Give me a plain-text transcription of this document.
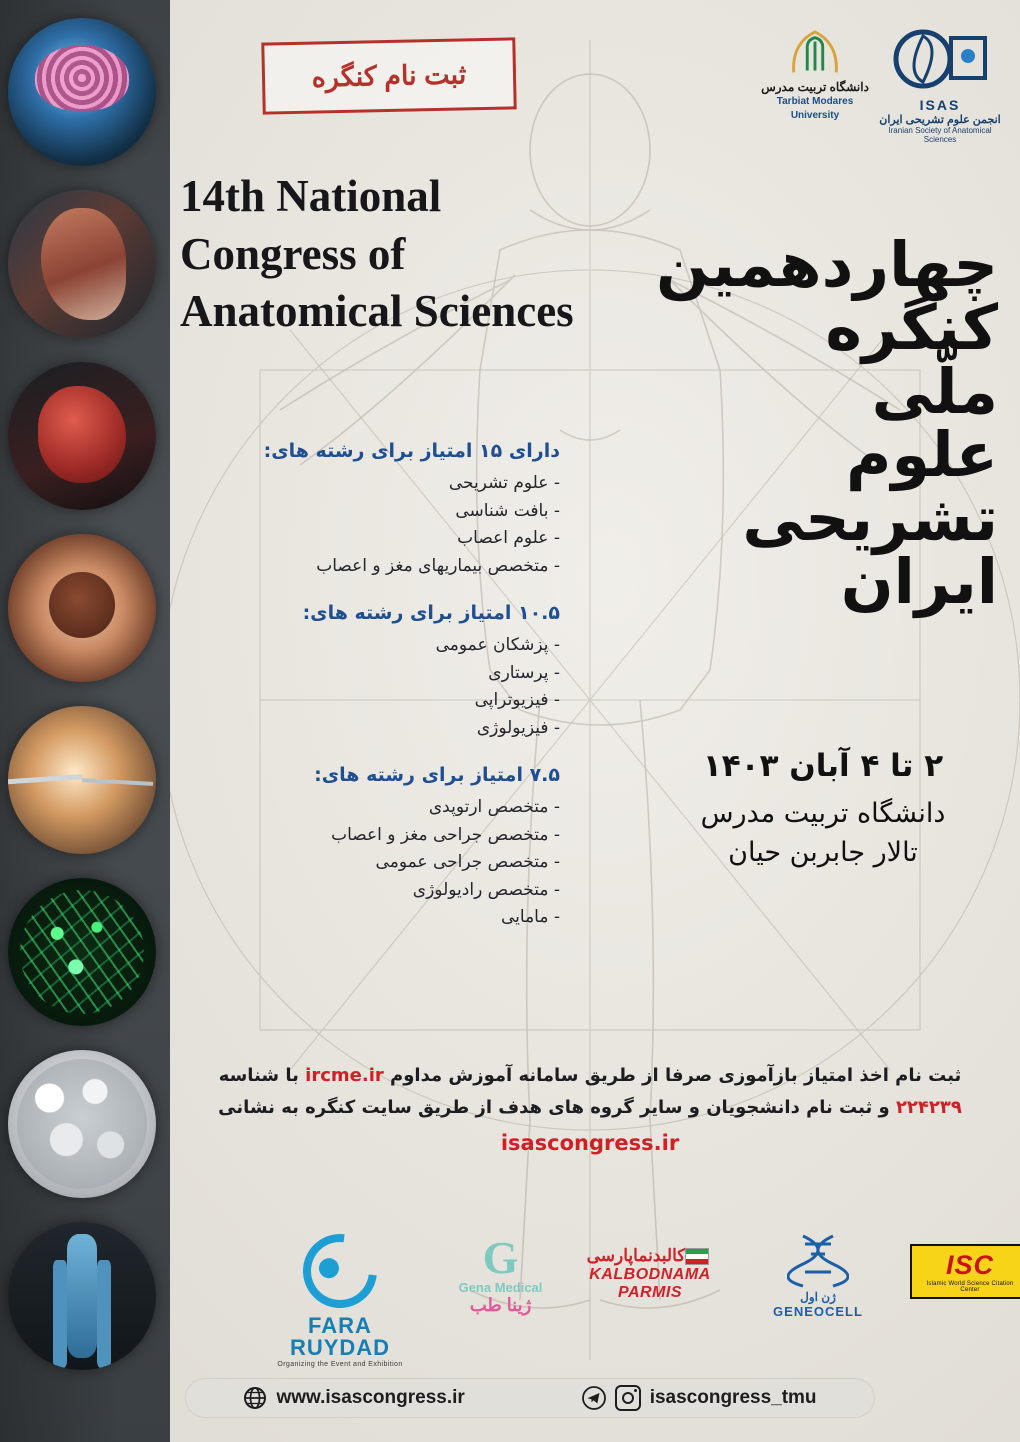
ثبت نام کنگره	دانشگاه تربیت مدرس
Tarbiat Modares
University
ISAS
انجمن علوم تشریحی ایران
Iranian Society of Anatomical Sciences
14th National Congress of Anatomical Sciences
چهاردهمین
کنگره
ملّی
علوم
تشریحی
ایران
۲ تا ۴ آبان ۱۴۰۳
دانشگاه تربیت مدرس
تالار جابربن حیان
دارای ۱۵ امتیاز برای رشته های:
- علوم تشریحی
- بافت شناسی
- علوم اعصاب
- متخصص بیماریهای مغز و اعصاب
۱۰.۵ امتیاز برای رشته های:
- پزشکان عمومی
- پرستاری
- فیزیوتراپی
- فیزیولوژی
۷.۵ امتیاز برای رشته های:
- متخصص ارتوپدی
- متخصص جراحی مغز و اعصاب
- متخصص جراحی عمومی
- متخصص رادیولوژی
- مامایی
ثبت نام اخذ امتیاز بازآموزی صرفا از طریق سامانه آموزش مداوم ircme.ir با شناسه
۲۲۴۲۳۹ و ثبت نام دانشجویان و سایر گروه های هدف از طریق سایت کنگره به نشانی
isascongress.ir
FARA
RUYDAD
Organizing the Event and Exhibition
G
Gena Medical
ژینا طب
کالبدنماپارسی
KALBODNAMA PARMIS	ژن اول
GENEOCELL
ISC
Islamic World Science Citation Center
www.isascongress.ir	isascongress_tmu
